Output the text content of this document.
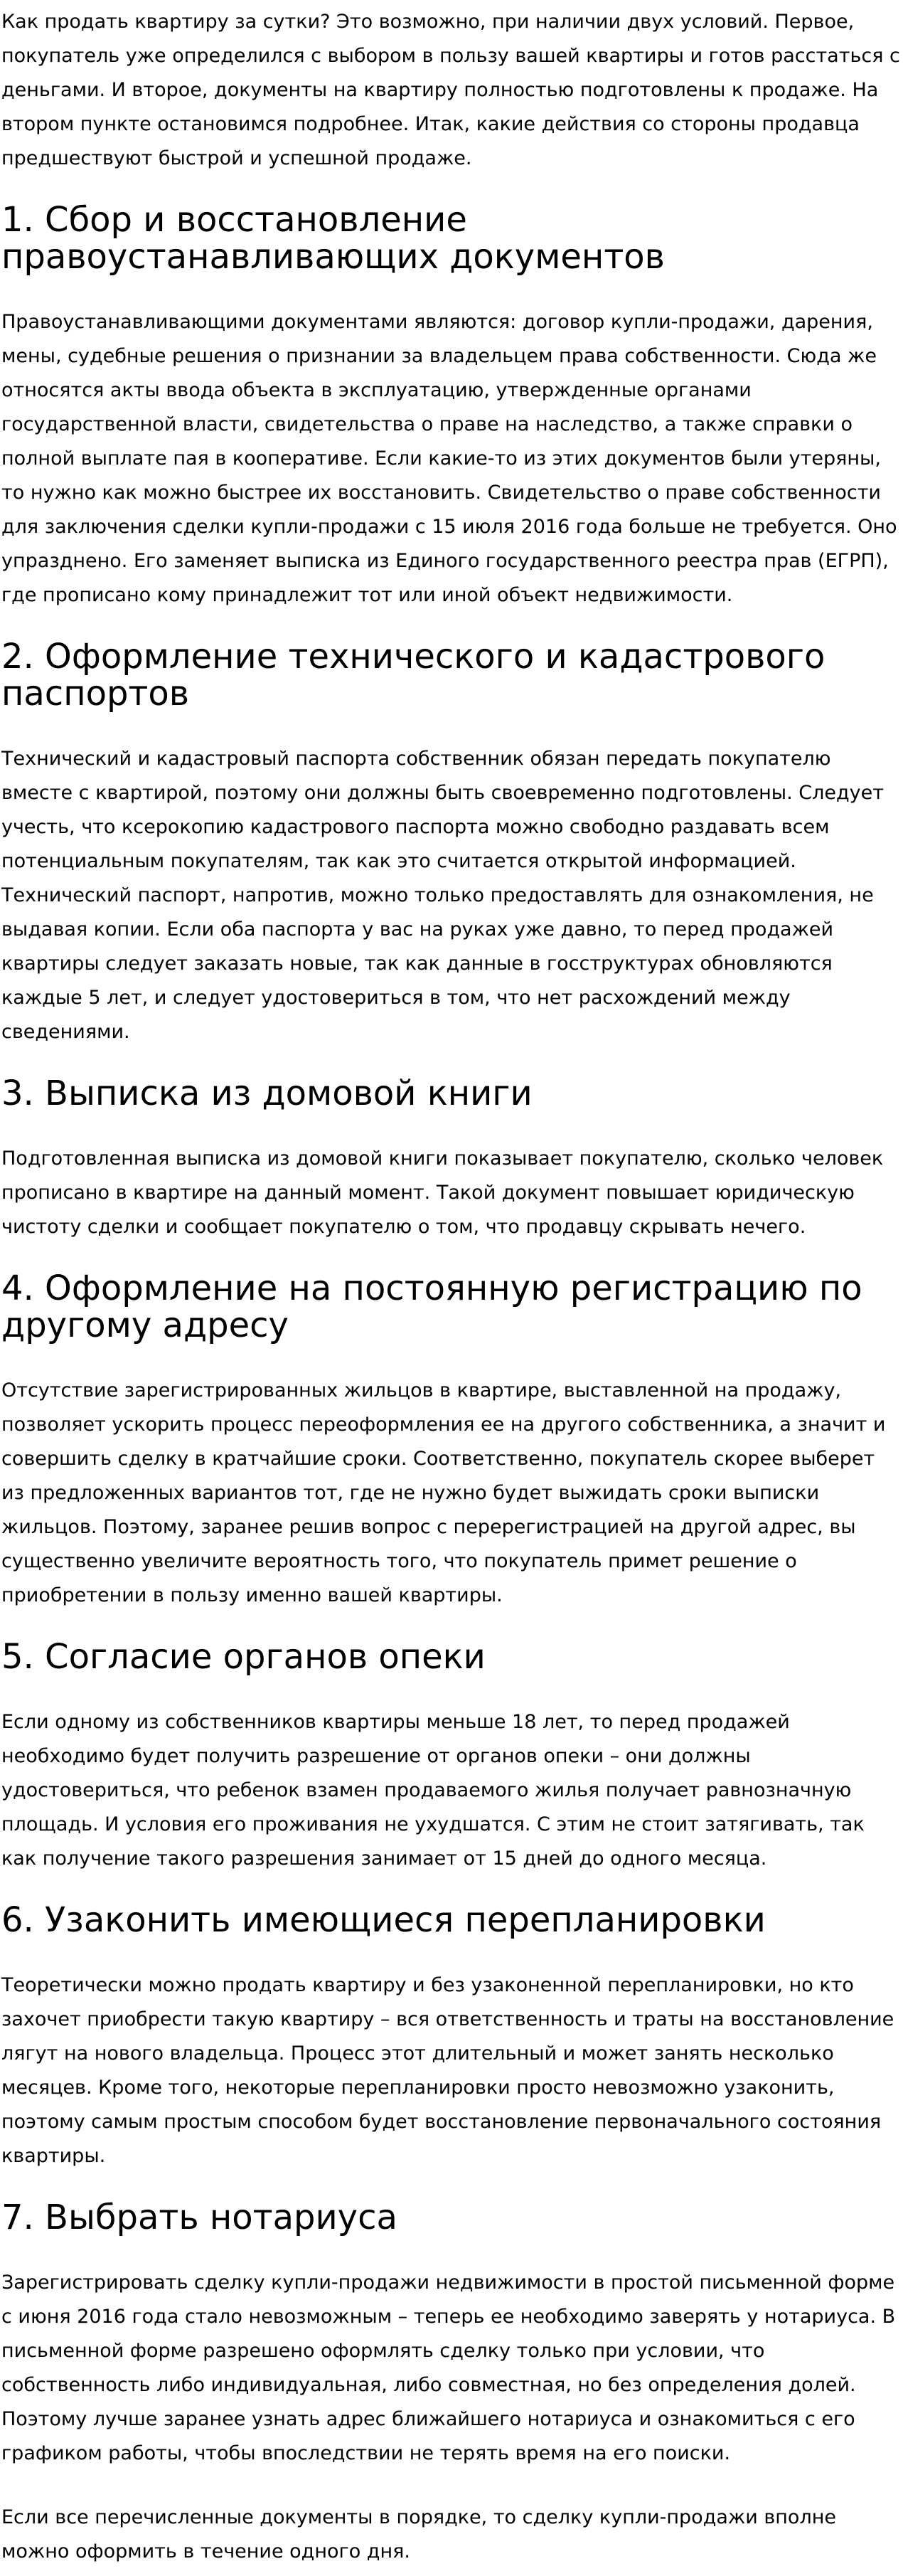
Как продать квартиру за сутки? Это возможно, при наличии двух условий. Первое, покупатель уже определился с выбором в пользу вашей квартиры и готов расстаться с деньгами. И второе, документы на квартиру полностью подготовлены к продаже. На втором пункте остановимся подробнее. Итак, какие действия со стороны продавца предшествуют быстрой и успешной продаже.

1. Сбор и восстановление правоустанавливающих документов

Правоустанавливающими документами являются: договор купли-продажи, дарения, мены, судебные решения о признании за владельцем права собственности. Сюда же относятся акты ввода объекта в эксплуатацию, утвержденные органами государственной власти, свидетельства о праве на наследство, а также справки о полной выплате пая в кооперативе. Если какие-то из этих документов были утеряны, то нужно как можно быстрее их восстановить. Свидетельство о праве собственности для заключения сделки купли-продажи с 15 июля 2016 года больше не требуется. Оно упразднено. Его заменяет выписка из Единого государственного реестра прав (ЕГРП), где прописано кому принадлежит тот или иной объект недвижимости.

2. Оформление технического и кадастрового паспортов

Технический и кадастровый паспорта собственник обязан передать покупателю вместе с квартирой, поэтому они должны быть своевременно подготовлены. Следует учесть, что ксерокопию кадастрового паспорта можно свободно раздавать всем потенциальным покупателям, так как это считается открытой информацией. Технический паспорт, напротив, можно только предоставлять для ознакомления, не выдавая копии. Если оба паспорта у вас на руках уже давно, то перед продажей квартиры следует заказать новые, так как данные в госструктурах обновляются каждые 5 лет, и следует удостовериться в том, что нет расхождений между сведениями.

3. Выписка из домовой книги

Подготовленная выписка из домовой книги показывает покупателю, сколько человек прописано в квартире на данный момент. Такой документ повышает юридическую чистоту сделки и сообщает покупателю о том, что продавцу скрывать нечего.

4. Оформление на постоянную регистрацию по другому адресу

Отсутствие зарегистрированных жильцов в квартире, выставленной на продажу, позволяет ускорить процесс переоформления ее на другого собственника, а значит и совершить сделку в кратчайшие сроки. Соответственно, покупатель скорее выберет из предложенных вариантов тот, где не нужно будет выжидать сроки выписки жильцов. Поэтому, заранее решив вопрос с перерегистрацией на другой адрес, вы существенно увеличите вероятность того, что покупатель примет решение о приобретении в пользу именно вашей квартиры.

5. Согласие органов опеки

Если одному из собственников квартиры меньше 18 лет, то перед продажей необходимо будет получить разрешение от органов опеки – они должны удостовериться, что ребенок взамен продаваемого жилья получает равнозначную площадь. И условия его проживания не ухудшатся. С этим не стоит затягивать, так как получение такого разрешения занимает от 15 дней до одного месяца.

6. Узаконить имеющиеся перепланировки

Теоретически можно продать квартиру и без узаконенной перепланировки, но кто захочет приобрести такую квартиру – вся ответственность и траты на восстановление лягут на нового владельца. Процесс этот длительный и может занять несколько месяцев. Кроме того, некоторые перепланировки просто невозможно узаконить, поэтому самым простым способом будет восстановление первоначального состояния квартиры.

7. Выбрать нотариуса

Зарегистрировать сделку купли-продажи недвижимости в простой письменной форме с июня 2016 года стало невозможным – теперь ее необходимо заверять у нотариуса. В письменной форме разрешено оформлять сделку только при условии, что собственность либо индивидуальная, либо совместная, но без определения долей. Поэтому лучше заранее узнать адрес ближайшего нотариуса и ознакомиться с его графиком работы, чтобы впоследствии не терять время на его поиски.

Если все перечисленные документы в порядке, то сделку купли-продажи вполне можно оформить в течение одного дня.
